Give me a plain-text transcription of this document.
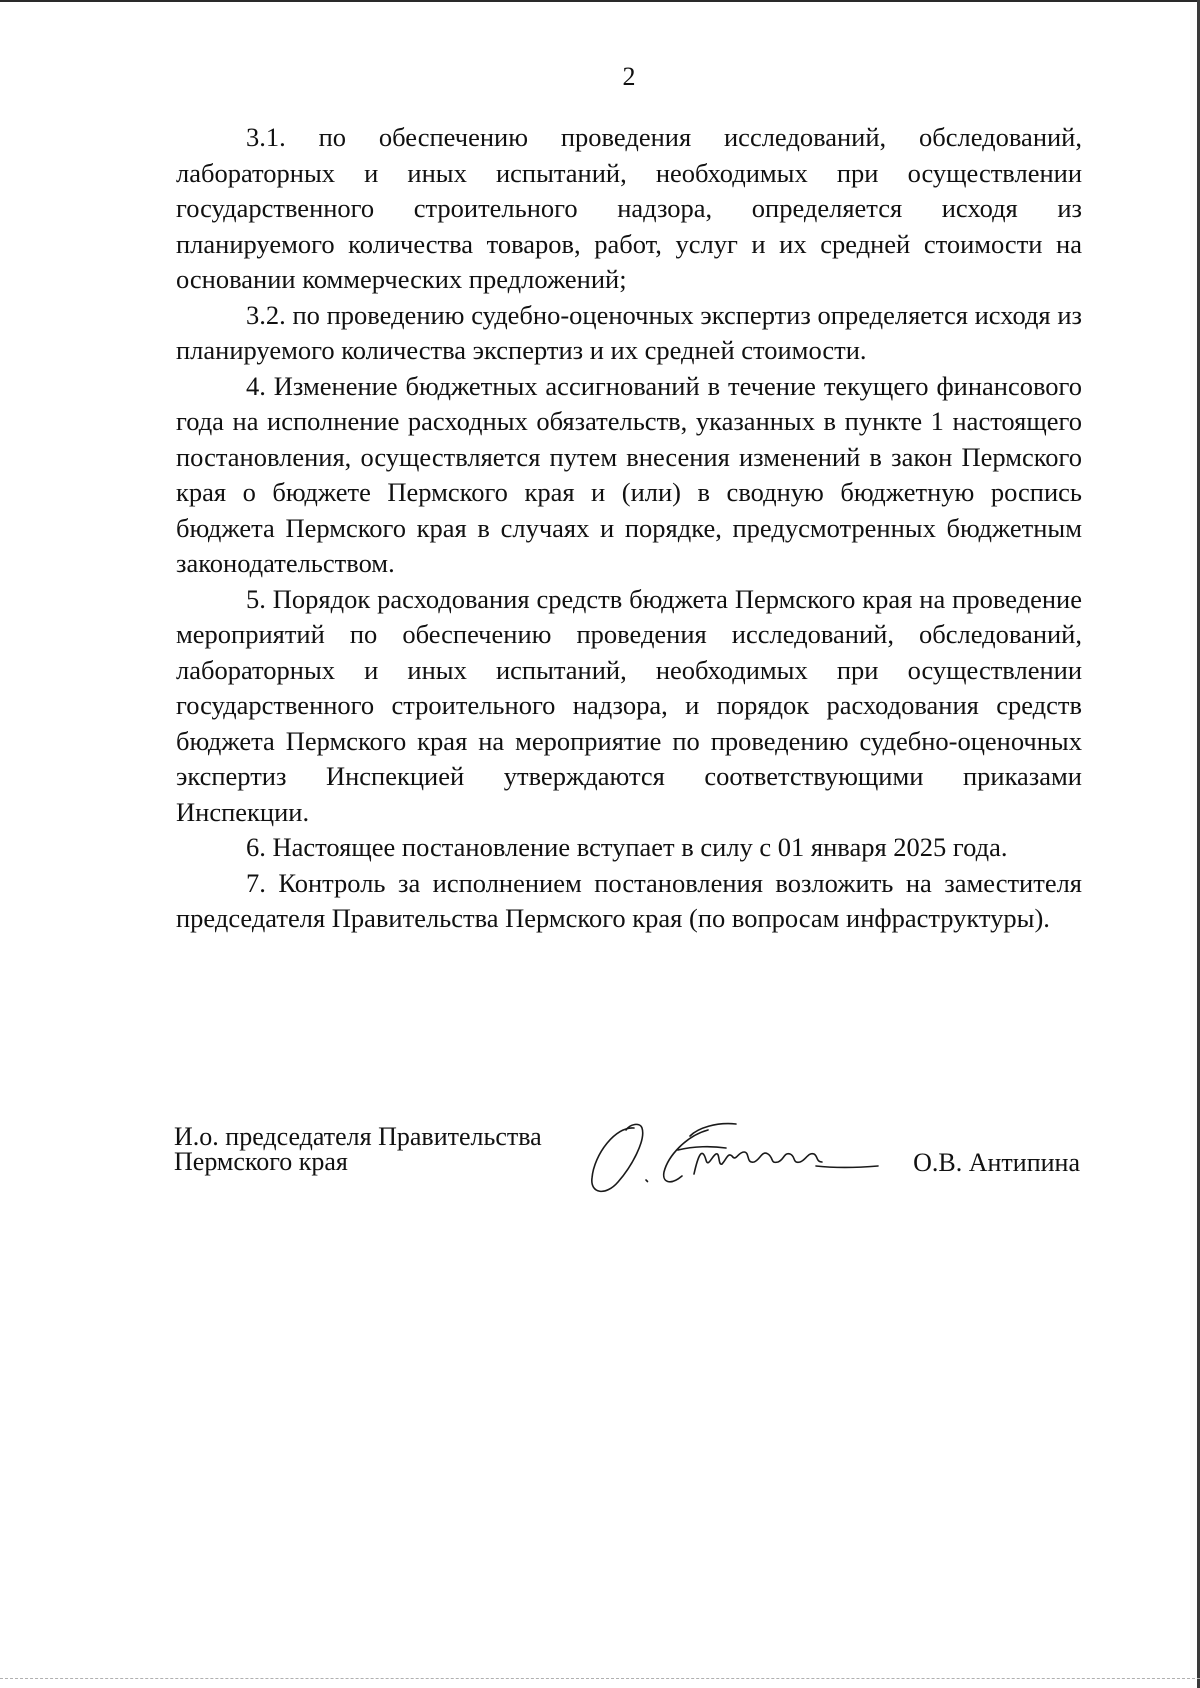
2

3.1. по обеспечению проведения исследований, обследований, лабораторных и иных испытаний, необходимых при осуществлении государственного строительного надзора, определяется исходя из планируемого количества товаров, работ, услуг и их средней стоимости на основании коммерческих предложений;

3.2. по проведению судебно-оценочных экспертиз определяется исходя из планируемого количества экспертиз и их средней стоимости.

4. Изменение бюджетных ассигнований в течение текущего финансового года на исполнение расходных обязательств, указанных в пункте 1 настоящего постановления, осуществляется путем внесения изменений в закон Пермского края о бюджете Пермского края и (или) в сводную бюджетную роспись бюджета Пермского края в случаях и порядке, предусмотренных бюджетным законодательством.

5. Порядок расходования средств бюджета Пермского края на проведение мероприятий по обеспечению проведения исследований, обследований, лабораторных и иных испытаний, необходимых при осуществлении государственного строительного надзора, и порядок расходования средств бюджета Пермского края на мероприятие по проведению судебно-оценочных экспертиз Инспекцией утверждаются соответствующими приказами Инспекции.

6. Настоящее постановление вступает в силу с 01 января 2025 года.

7. Контроль за исполнением постановления возложить на заместителя председателя Правительства Пермского края (по вопросам инфраструктуры).

И.о. председателя Правительства
Пермского края	О.В. Антипина
